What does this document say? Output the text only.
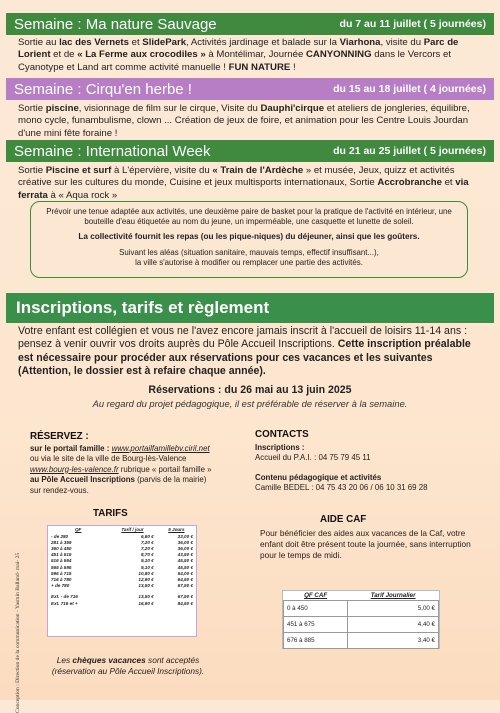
Semaine : Ma nature Sauvage	du 7 au 11 juillet ( 5 journées)
Sortie au lac des Vernets et SlidePark, Activités jardinage et balade sur la Viarhona, visite du Parc de Lorient et de « La Ferme aux crocodiles » à Montélimar, Journée CANYONNING dans le Vercors et Cyanotype et Land art comme activité manuelle ! FUN NATURE !
Semaine : Cirqu'en herbe !	du 15 au 18 juillet ( 4 journées)
Sortie piscine, visionnage de film sur le cirque, Visite du Dauphi'cirque et ateliers de jongleries, équilibre, mono cycle, funambulisme, clown ... Création de jeux de foire, et animation pour les Centre Louis Jourdan d'une mini fête foraine !
Semaine : International Week	du 21 au 25 juillet ( 5 journées)
Sortie Piscine et surf à L'épervière, visite du « Train de l'Ardèche » et musée, Jeux, quizz et activités créative sur les cultures du monde, Cuisine et jeux multisports internationaux, Sortie Accrobranche et via ferrata à « Aqua rock »
Prévoir une tenue adaptée aux activités, une deuxième paire de basket pour la pratique de l'activité en intérieur, une bouteille d'eau étiquetée au nom du jeune, un imperméable, une casquette et lunette de soleil.
La collectivité fournit les repas (ou les pique-niques) du déjeuner, ainsi que les goûters.
Suivant les aléas (situation sanitaire, mauvais temps, effectif insuffisant...),
la ville s'autorise à modifier ou remplacer une partie des activités.
Inscriptions, tarifs et règlement
Votre enfant est collégien et vous ne l'avez encore jamais inscrit à l'accueil de loisirs 11-14 ans : pensez à venir ouvrir vos droits auprès du Pôle Accueil Inscriptions. Cette inscription préalable est nécessaire pour procéder aux réservations pour ces vacances et les suivantes (Attention, le dossier est à refaire chaque année).
Réservations : du 26 mai au 13 juin 2025
Au regard du projet pédagogique, il est préférable de réserver à la semaine.
RÉSERVEZ :
sur le portail famille : www.portailfamillebv.ciril.net
ou via le site de la ville de Bourg-lès-Valence
www.bourg-les-valence.fr rubrique « portail famille »
au Pôle Accueil Inscriptions (parvis de la mairie)
sur rendez-vous.
CONTACTS
Inscriptions :
Accueil du P.A.I. : 04 75 79 45 11
Contenu pédagogique et activités
Camille BEDEL : 04 75 43 20 06 / 06 10 31 69 28
TARIFS
QF	Tarif / jour	5 Jours
- de 280	6,60 €	33,00 €
281 à 359	7,20 €	36,00 €
360 à 450	7,20 €	36,00 €
451 à 515	8,70 €	43,50 €
516 à 564	9,10 €	45,50 €
565 à 595	9,10 €	45,50 €
596 à 715	10,80 €	54,00 €
716 à 780	12,90 €	64,50 €
+ de 780	13,50 €	67,50 €

Ext. - de 716	13,50 €	67,50 €
Ext. 716 et +	16,90 €	84,50 €
Les chèques vacances sont acceptés
(réservation au Pôle Accueil Inscriptions).
AIDE CAF
Pour bénéficier des aides aux vacances de la Caf, votre enfant doit être présent toute la journée, sans interruption pour le temps de midi.
QF CAF	Tarif Journalier
0 à 450	5,00 €
451 à 675	4,40 €
676 à 885	3,40 €
Conception : Direction de la communication - Yasmin Balland- mai- 25
